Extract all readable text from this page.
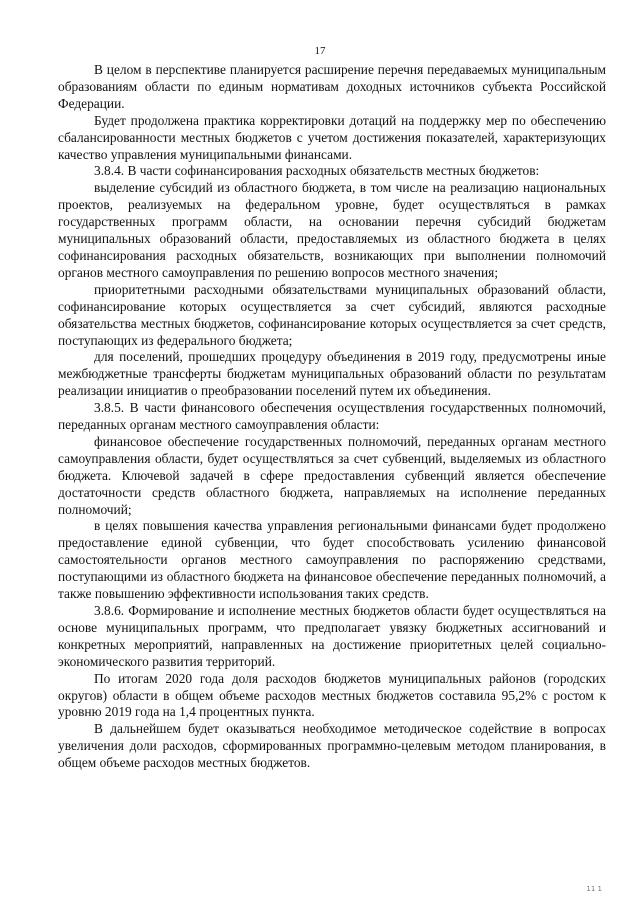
17

В целом в перспективе планируется расширение перечня передаваемых муниципальным образованиям области по единым нормативам доходных источников субъекта Российской Федерации.

Будет продолжена практика корректировки дотаций на поддержку мер по обеспечению сбалансированности местных бюджетов с учетом достижения показателей, характеризующих качество управления муниципальными финансами.

3.8.4. В части софинансирования расходных обязательств местных бюджетов:

выделение субсидий из областного бюджета, в том числе на реализацию национальных проектов, реализуемых на федеральном уровне, будет осуществляться в рамках государственных программ области, на основании перечня субсидий бюджетам муниципальных образований области, предоставляемых из областного бюджета в целях софинансирования расходных обязательств, возникающих при выполнении полномочий органов местного самоуправления по решению вопросов местного значения;

приоритетными расходными обязательствами муниципальных образований области, софинансирование которых осуществляется за счет субсидий, являются расходные обязательства местных бюджетов, софинансирование которых осуществляется за счет средств, поступающих из федерального бюджета;

для поселений, прошедших процедуру объединения в 2019 году, предусмотрены иные межбюджетные трансферты бюджетам муниципальных образований области по результатам реализации инициатив о преобразовании поселений путем их объединения.

3.8.5. В части финансового обеспечения осуществления государственных полномочий, переданных органам местного самоуправления области:

финансовое обеспечение государственных полномочий, переданных органам местного самоуправления области, будет осуществляться за счет субвенций, выделяемых из областного бюджета. Ключевой задачей в сфере предоставления субвенций является обеспечение достаточности средств областного бюджета, направляемых на исполнение переданных полномочий;

в целях повышения качества управления региональными финансами будет продолжено предоставление единой субвенции, что будет способствовать усилению финансовой самостоятельности органов местного самоуправления по распоряжению средствами, поступающими из областного бюджета на финансовое обеспечение переданных полномочий, а также повышению эффективности использования таких средств.

3.8.6. Формирование и исполнение местных бюджетов области будет осуществляться на основе муниципальных программ, что предполагает увязку бюджетных ассигнований и конкретных мероприятий, направленных на достижение приоритетных целей социально-экономического развития территорий.

По итогам 2020 года доля расходов бюджетов муниципальных районов (городских округов) области в общем объеме расходов местных бюджетов составила 95,2% с ростом к уровню 2019 года на 1,4 процентных пункта.

В дальнейшем будет оказываться необходимое методическое содействие в вопросах увеличения доли расходов, сформированных программно-целевым методом планирования, в общем объеме расходов местных бюджетов.

11 1
